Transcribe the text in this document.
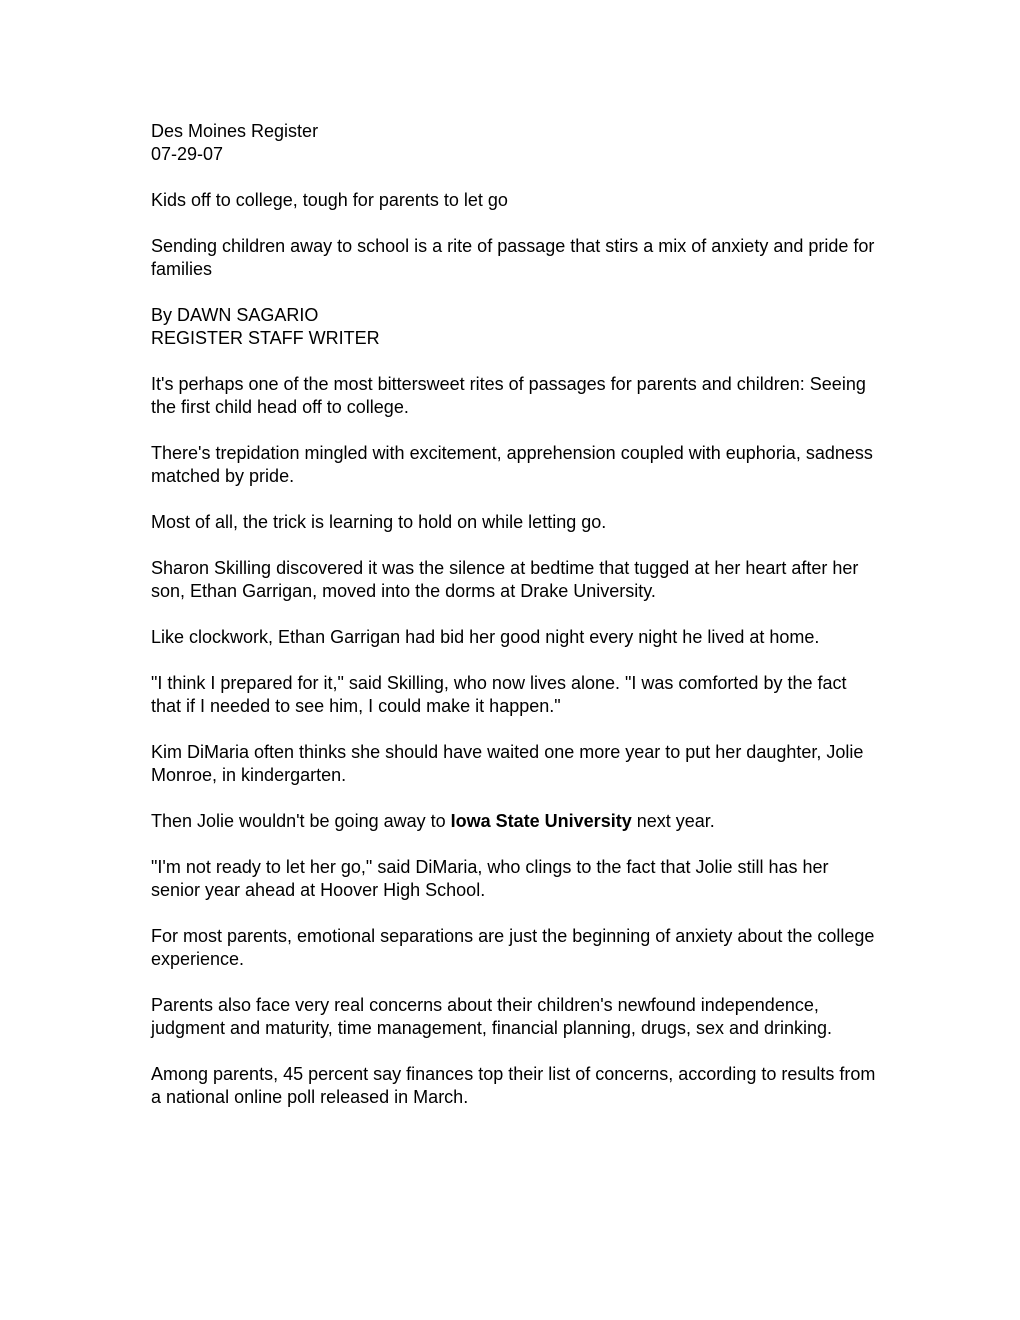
Des Moines Register
07-29-07

Kids off to college, tough for parents to let go

Sending children away to school is a rite of passage that stirs a mix of anxiety and pride for families

By DAWN SAGARIO
REGISTER STAFF WRITER

It's perhaps one of the most bittersweet rites of passages for parents and children: Seeing the first child head off to college.

There's trepidation mingled with excitement, apprehension coupled with euphoria, sadness matched by pride.

Most of all, the trick is learning to hold on while letting go.

Sharon Skilling discovered it was the silence at bedtime that tugged at her heart after her son, Ethan Garrigan, moved into the dorms at Drake University.

Like clockwork, Ethan Garrigan had bid her good night every night he lived at home.

"I think I prepared for it," said Skilling, who now lives alone. "I was comforted by the fact that if I needed to see him, I could make it happen."

Kim DiMaria often thinks she should have waited one more year to put her daughter, Jolie Monroe, in kindergarten.

Then Jolie wouldn't be going away to Iowa State University next year.

"I'm not ready to let her go," said DiMaria, who clings to the fact that Jolie still has her senior year ahead at Hoover High School.

For most parents, emotional separations are just the beginning of anxiety about the college experience.

Parents also face very real concerns about their children's newfound independence, judgment and maturity, time management, financial planning, drugs, sex and drinking.

Among parents, 45 percent say finances top their list of concerns, according to results from a national online poll released in March.
